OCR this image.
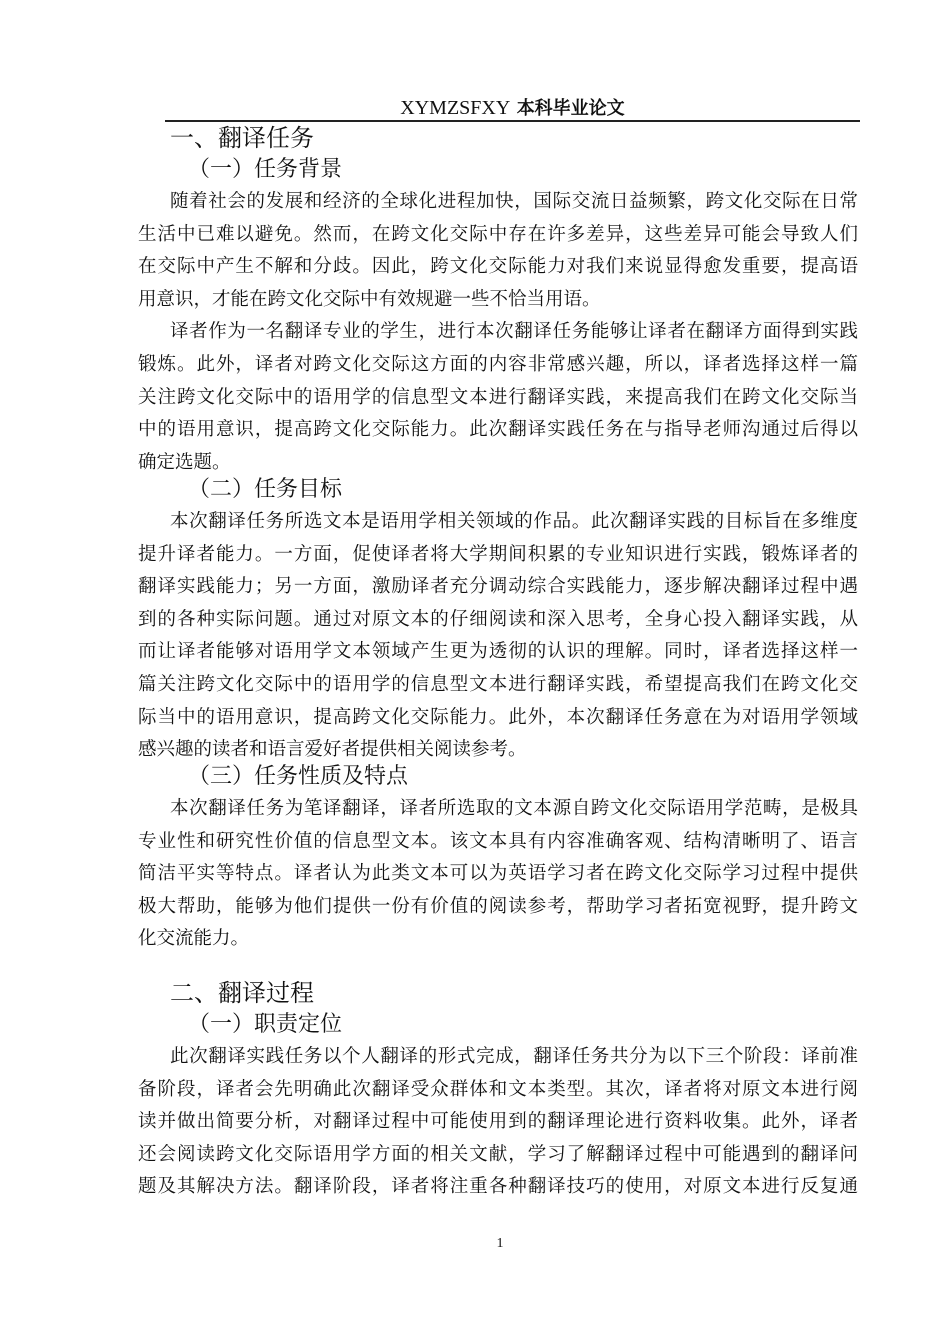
XYMZSFXY 本科毕业论文
一、翻译任务
（一）任务背景
随着社会的发展和经济的全球化进程加快，国际交流日益频繁，跨文化交际在日常
生活中已难以避免。然而，在跨文化交际中存在许多差异，这些差异可能会导致人们
在交际中产生不解和分歧。因此，跨文化交际能力对我们来说显得愈发重要，提高语
用意识，才能在跨文化交际中有效规避一些不恰当用语。
译者作为一名翻译专业的学生，进行本次翻译任务能够让译者在翻译方面得到实践
锻炼。此外，译者对跨文化交际这方面的内容非常感兴趣，所以，译者选择这样一篇
关注跨文化交际中的语用学的信息型文本进行翻译实践，来提高我们在跨文化交际当
中的语用意识，提高跨文化交际能力。此次翻译实践任务在与指导老师沟通过后得以
确定选题。
（二）任务目标
本次翻译任务所选文本是语用学相关领域的作品。此次翻译实践的目标旨在多维度
提升译者能力。一方面，促使译者将大学期间积累的专业知识进行实践，锻炼译者的
翻译实践能力；另一方面，激励译者充分调动综合实践能力，逐步解决翻译过程中遇
到的各种实际问题。通过对原文本的仔细阅读和深入思考，全身心投入翻译实践，从
而让译者能够对语用学文本领域产生更为透彻的认识的理解。同时，译者选择这样一
篇关注跨文化交际中的语用学的信息型文本进行翻译实践，希望提高我们在跨文化交
际当中的语用意识，提高跨文化交际能力。此外，本次翻译任务意在为对语用学领域
感兴趣的读者和语言爱好者提供相关阅读参考。
（三）任务性质及特点
本次翻译任务为笔译翻译，译者所选取的文本源自跨文化交际语用学范畴，是极具
专业性和研究性价值的信息型文本。该文本具有内容准确客观、结构清晰明了、语言
简洁平实等特点。译者认为此类文本可以为英语学习者在跨文化交际学习过程中提供
极大帮助，能够为他们提供一份有价值的阅读参考，帮助学习者拓宽视野，提升跨文
化交流能力。
二、翻译过程
（一）职责定位
此次翻译实践任务以个人翻译的形式完成，翻译任务共分为以下三个阶段：译前准
备阶段，译者会先明确此次翻译受众群体和文本类型。其次，译者将对原文本进行阅
读并做出简要分析，对翻译过程中可能使用到的翻译理论进行资料收集。此外，译者
还会阅读跨文化交际语用学方面的相关文献，学习了解翻译过程中可能遇到的翻译问
题及其解决方法。翻译阶段，译者将注重各种翻译技巧的使用，对原文本进行反复通
1
